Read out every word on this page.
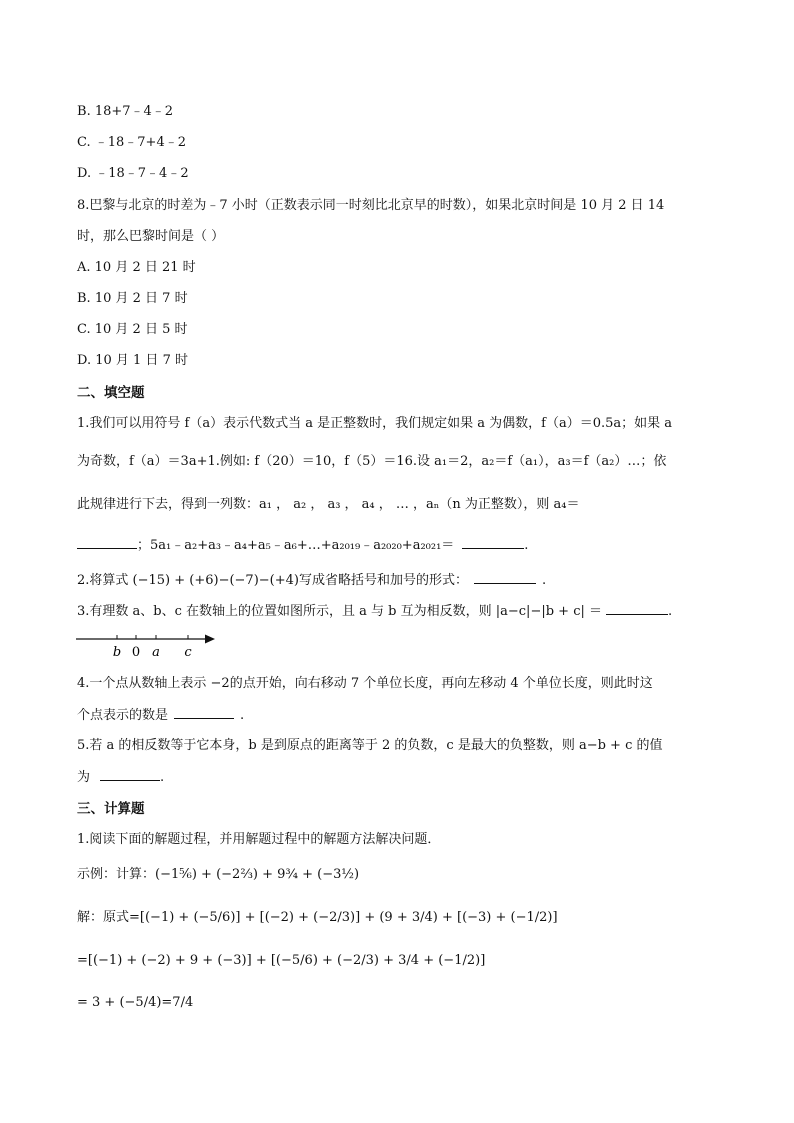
B. 18+7﹣4﹣2
C. ﹣18﹣7+4﹣2
D. ﹣18﹣7﹣4﹣2
8.巴黎与北京的时差为﹣7 小时（正数表示同一时刻比北京早的时数），如果北京时间是 10 月 2 日 14
时，那么巴黎时间是（ ）
A. 10 月 2 日 21 时
B. 10 月 2 日 7 时
C. 10 月 2 日 5 时
D. 10 月 1 日 7 时
二、填空题
1.我们可以用符号 f（a）表示代数式当 a 是正整数时，我们规定如果 a 为偶数，f（a）＝0.5a；如果 a
为奇数，f（a）＝3a+1.例如: f（20）＝10，f（5）＝16.设 a₁＝2，a₂＝f（a₁），a₃＝f（a₂）…；依
此规律进行下去，得到一列数：a₁ ， a₂ ， a₃ ， a₄ ， … ，aₙ（n 为正整数），则 a₄＝
；5a₁﹣a₂+a₃﹣a₄+a₅﹣a₆+…+a₂₀₁₉﹣a₂₀₂₀+a₂₀₂₁＝	.
2.将算式 (−15) + (+6)−(−7)−(+4)写成省略括号和加号的形式：	.
3.有理数 a、b、c 在数轴上的位置如图所示，且 a 与 b 互为相反数，则 |a−c|−|b + c| ＝	.
b 0 a c
4.一个点从数轴上表示 −2的点开始，向右移动 7 个单位长度，再向左移动 4 个单位长度，则此时这
个点表示的数是	.
5.若 a 的相反数等于它本身，b 是到原点的距离等于 2 的负数，c 是最大的负整数，则 a−b + c 的值
为	.
三、计算题
1.阅读下面的解题过程，并用解题过程中的解题方法解决问题．
示例：计算：(−1⅚) + (−2⅔) + 9¾ + (−3½)
解：原式=[(−1) + (−5/6)] + [(−2) + (−2/3)] + (9 + 3/4) + [(−3) + (−1/2)]
=[(−1) + (−2) + 9 + (−3)] + [(−5/6) + (−2/3) + 3/4 + (−1/2)]
= 3 + (−5/4)=7/4
